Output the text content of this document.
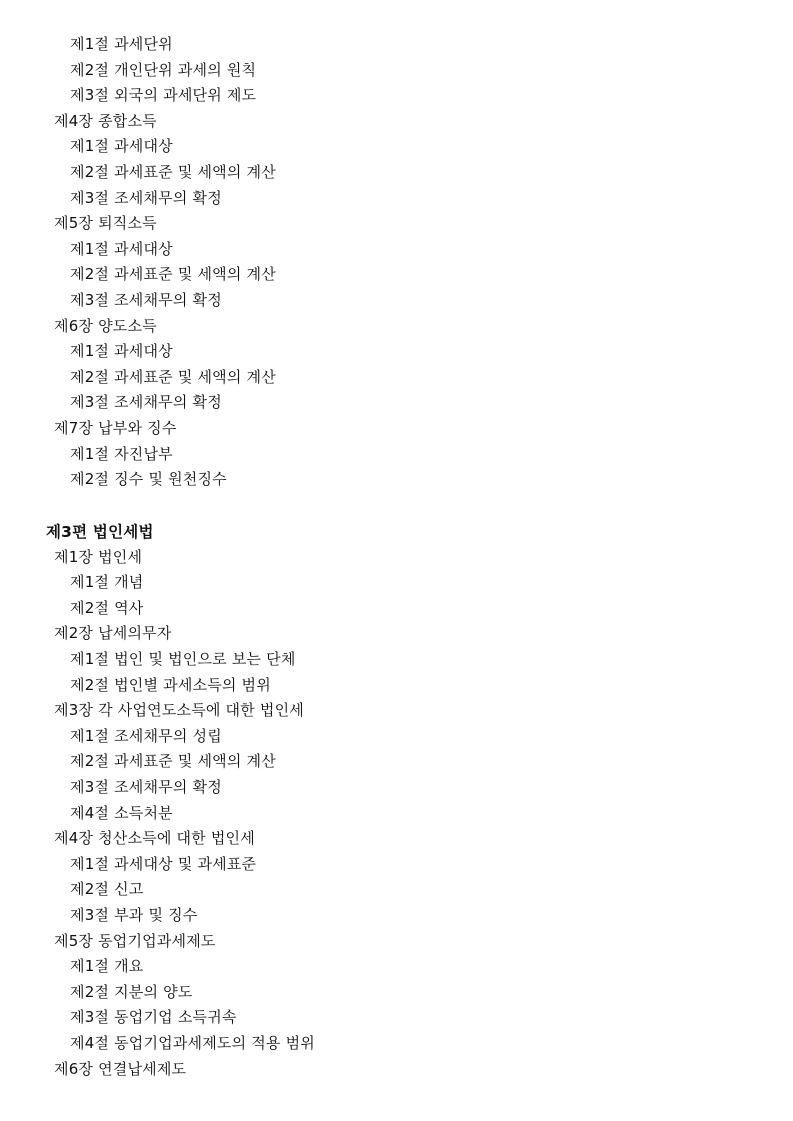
제1절 과세단위
제2절 개인단위 과세의 원칙
제3절 외국의 과세단위 제도
제4장 종합소득
제1절 과세대상
제2절 과세표준 및 세액의 계산
제3절 조세채무의 확정
제5장 퇴직소득
제1절 과세대상
제2절 과세표준 및 세액의 계산
제3절 조세채무의 확정
제6장 양도소득
제1절 과세대상
제2절 과세표준 및 세액의 계산
제3절 조세채무의 확정
제7장 납부와 징수
제1절 자진납부
제2절 징수 및 원천징수
제3편 법인세법
제1장 법인세
제1절 개념
제2절 역사
제2장 납세의무자
제1절 법인 및 법인으로 보는 단체
제2절 법인별 과세소득의 범위
제3장 각 사업연도소득에 대한 법인세
제1절 조세채무의 성립
제2절 과세표준 및 세액의 계산
제3절 조세채무의 확정
제4절 소득처분
제4장 청산소득에 대한 법인세
제1절 과세대상 및 과세표준
제2절 신고
제3절 부과 및 징수
제5장 동업기업과세제도
제1절 개요
제2절 지분의 양도
제3절 동업기업 소득귀속
제4절 동업기업과세제도의 적용 범위
제6장 연결납세제도
